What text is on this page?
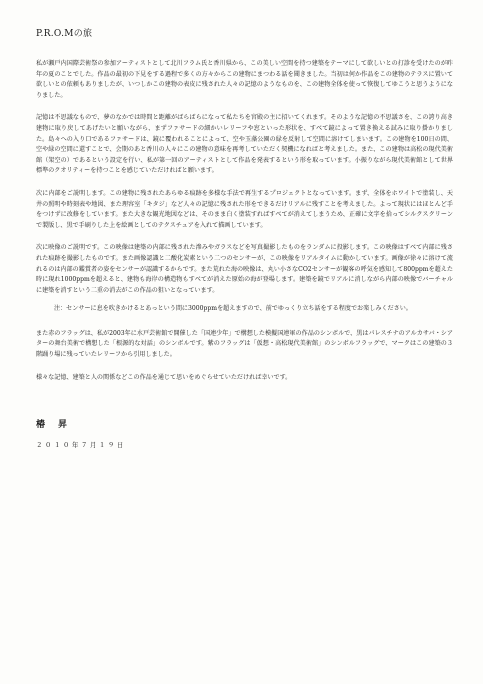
P.R.O.Mの旅

私が瀬戸内国際芸術祭の参加アーティストとして北川フラム氏と香川県から、この美しい空間を持つ建築をテーマにして欲しいとの打診を受けたのが昨年の夏のことでした。作品の最初の下見をする過程で多くの方々からこの建物にまつわる話を聞きました。当初は何か作品をこの建物のテラスに置いて欲しいとの依頼もありましたが、いつしかこの建物の表皮に残された人々の記憶のようなものを、この建物全体を使って恢復してゆこうと思うようになりました。

記憶は不思議なもので、夢のなかでは時間と距離がばらばらになって私たちを宮殿の主に招いてくれます。そのような記憶の不思議さを、この誇り高き建物に取り戻してあげたいと願いながら、まずファサードの細かいレリーフや窓といった形状を、すべて鏡によって置き換える試みに取り掛かりました。島々への入り口であるファサードは、鏡に覆われることによって、空や玉藻公園の緑を反射して空間に溶けてしまいます。この建物を100日の間、空や緑の空間に還すことで、会期のあと香川の人々にこの建物の意味を再考していただく契機になればと考えました。また、この建物は高松の現代美術館（架空の）であるという設定を行い、私が第一回のアーティストとして作品を発表するという形を取っています。小振りながら現代美術館として世界標準のクオリティーを持つことを感じていただければと願います。

次に内部をご説明します。この建物に残されたあらゆる痕跡を多様な手法で再生するプロジェクトとなっています。まず、全体をホワイトで塗装し、天井の照明や時刻表や地図、また理容室「キタジ」など人々の記憶に残された形をできるだけリアルに残すことを考えました。よって現状にはほとんど手をつけずに改修をしています。また大きな観光地図などは、そのまま白く塗装すればすべてが消えてしまうため、正確に文字を拾ってシルクスクリーンで製版し、黒で手刷りした上を絵画としてのテクスチュアを入れて描画しています。

次に映像のご説明です。この映像は建築の内部に残された滲みやガラスなどを写真撮影したものをランダムに投影します。この映像はすべて内部に残された痕跡を撮影したものです。また画像認識と二酸化炭素という二つのセンサーが、この映像をリアルタイムに動かしています。画像が徐々に溶けて流れるのは内部の鑑賞者の姿をセンサーが認識するからです。また荒れた海の映像は、丸い小さなCO2センサーが観客の呼気を感知して800ppmを超えた時に現れ1000ppmを超えると、建物も海岸の構造物もすべてが消えた原始の海が登場します。建築を鏡でリアルに消しながら内部の映像でバーチャルに建築を消すという二重の消去がこの作品の狙いとなっています。

注：センサーに息を吹きかけるとあっという間に3000ppmを超えますので、前でゆっくり立ち話をする程度でお楽しみください。

また赤のフラッグは、私が2003年に水戸芸術館で開催した「国連少年」で構想した模擬国連軍の作品のシンボルで、黒はパレスチナのアルカサバ・シアターの舞台美術で構想した「根源的な対話」のシンボルです。紫のフラッグは「仮想・高松現代美術館」のシンボルフラッグで、マークはこの建築の３階踊り場に残っていたレリーフから引用しました。

様々な記憶、建築と人の関係などこの作品を通じて思いをめぐらせていただければ幸いです。

椿　昇

２０１０年７月１９日
